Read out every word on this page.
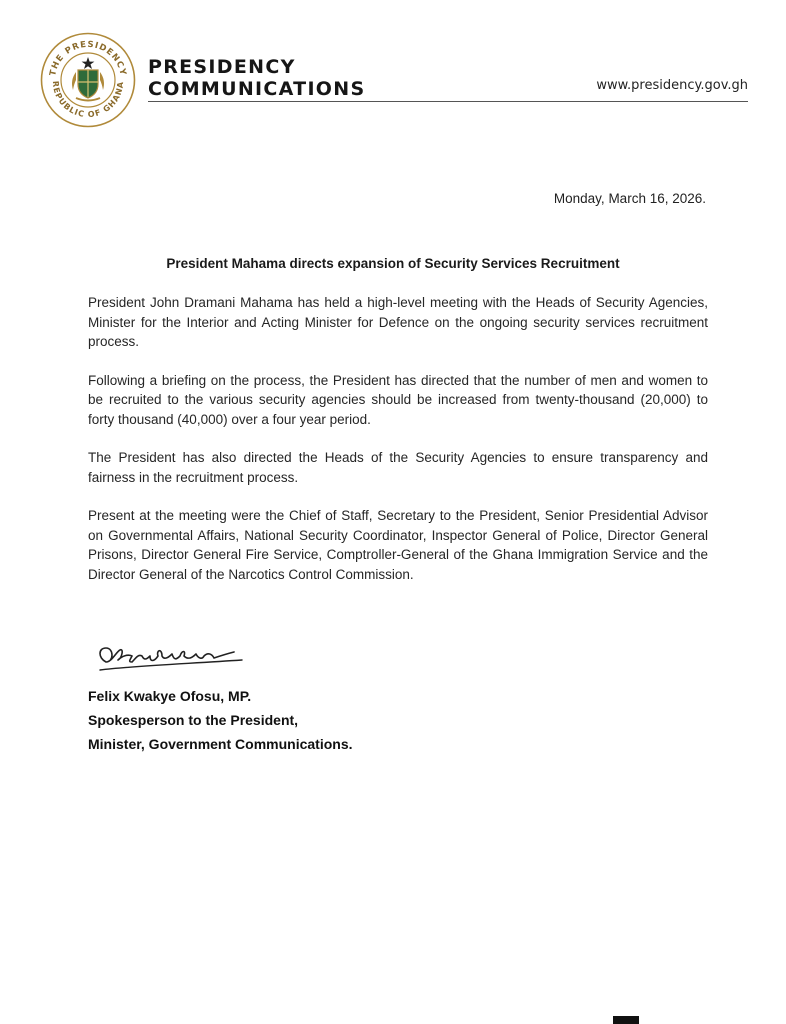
THE PRESIDENCY
REPUBLIC OF GHANA
PRESIDENCY
COMMUNICATIONS	www.presidency.gov.gh
Monday, March 16, 2026.
President Mahama directs expansion of Security Services Recruitment

President John Dramani Mahama has held a high-level meeting with the Heads of Security Agencies, Minister for the Interior and Acting Minister for Defence on the ongoing security services recruitment process.

Following a briefing on the process, the President has directed that the number of men and women to be recruited to the various security agencies should be increased from twenty-thousand (20,000) to forty thousand (40,000) over a four year period.

The President has also directed the Heads of the Security Agencies to ensure transparency and fairness in the recruitment process.

Present at the meeting were the Chief of Staff, Secretary to the President, Senior Presidential Advisor on Governmental Affairs, National Security Coordinator, Inspector General of Police, Director General Prisons, Director General Fire Service, Comptroller-General of the Ghana Immigration Service and the Director General of the Narcotics Control Commission.

Felix Kwakye Ofosu, MP.
Spokesperson to the President,
Minister, Government Communications.
